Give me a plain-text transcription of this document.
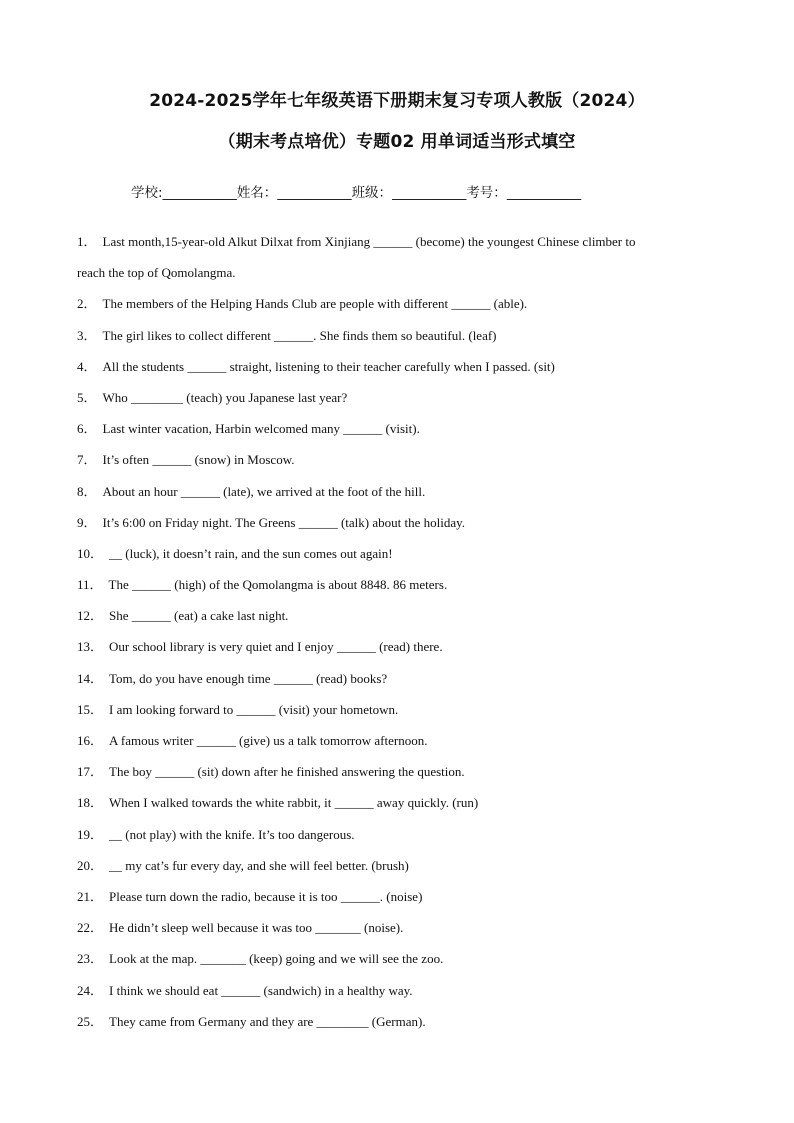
2024-2025学年七年级英语下册期末复习专项人教版（2024）
（期末考点培优）专题02 用单词适当形式填空
学校:___________姓名：___________班级：___________考号：___________
1． Last month,15-year-old Alkut Dilxat from Xinjiang ______ (become) the youngest Chinese climber to
reach the top of Qomolangma.
2． The members of the Helping Hands Club are people with different ______ (able).
3． The girl likes to collect different ______. She finds them so beautiful. (leaf)
4． All the students ______ straight, listening to their teacher carefully when I passed. (sit)
5． Who ________ (teach) you Japanese last year?
6． Last winter vacation, Harbin welcomed many ______ (visit).
7． It’s often ______ (snow) in Moscow.
8． About an hour ______ (late), we arrived at the foot of the hill.
9． It’s 6:00 on Friday night. The Greens ______ (talk) about the holiday.
10． __ (luck), it doesn’t rain, and the sun comes out again!
11． The ______ (high) of the Qomolangma is about 8848. 86 meters.
12． She ______ (eat) a cake last night.
13． Our school library is very quiet and I enjoy ______ (read) there.
14． Tom, do you have enough time ______ (read) books?
15． I am looking forward to ______ (visit) your hometown.
16． A famous writer ______ (give) us a talk tomorrow afternoon.
17． The boy ______ (sit) down after he finished answering the question.
18． When I walked towards the white rabbit, it ______ away quickly. (run)
19． __ (not play) with the knife. It’s too dangerous.
20． __ my cat’s fur every day, and she will feel better. (brush)
21． Please turn down the radio, because it is too ______. (noise)
22． He didn’t sleep well because it was too _______ (noise).
23． Look at the map. _______ (keep) going and we will see the zoo.
24． I think we should eat ______ (sandwich) in a healthy way.
25． They came from Germany and they are ________ (German).
